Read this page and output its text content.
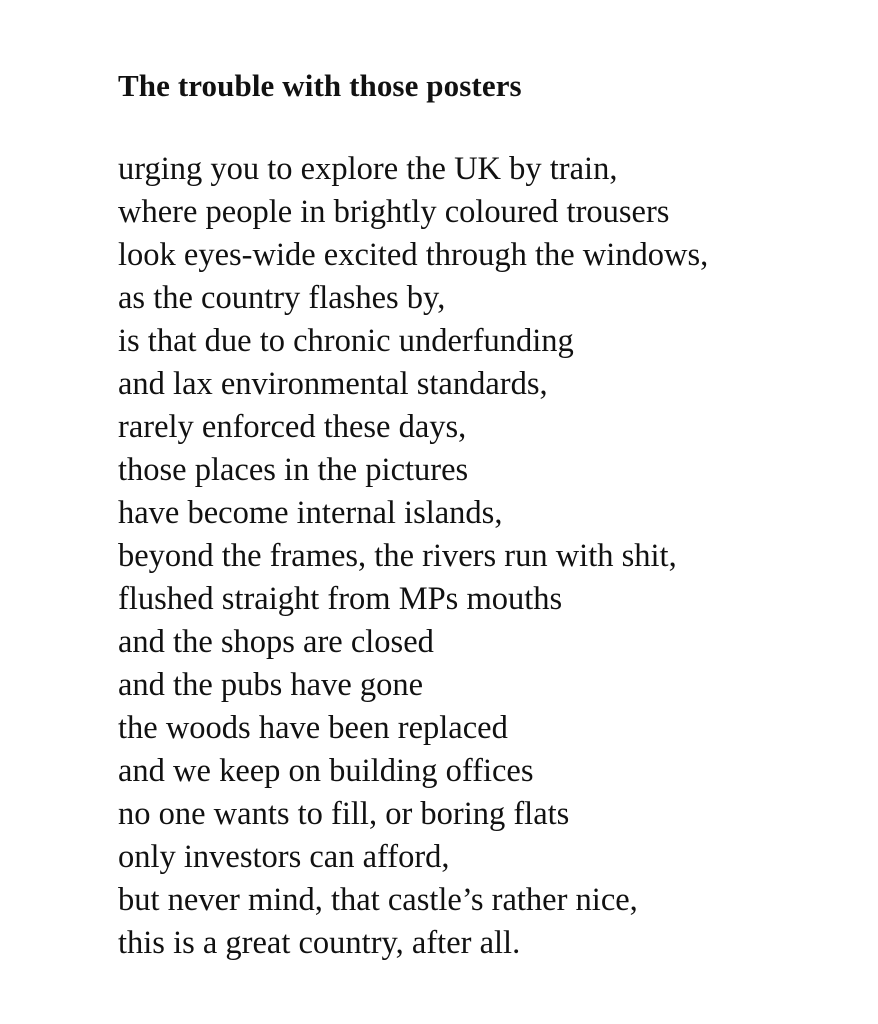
The trouble with those posters
urging you to explore the UK by train,
where people in brightly coloured trousers
look eyes-wide excited through the windows,
as the country flashes by,
is that due to chronic underfunding
and lax environmental standards,
rarely enforced these days,
those places in the pictures
have become internal islands,
beyond the frames, the rivers run with shit,
flushed straight from MPs mouths
and the shops are closed
and the pubs have gone
the woods have been replaced
and we keep on building offices
no one wants to fill, or boring flats
only investors can afford,
but never mind, that castle’s rather nice,
this is a great country, after all.
